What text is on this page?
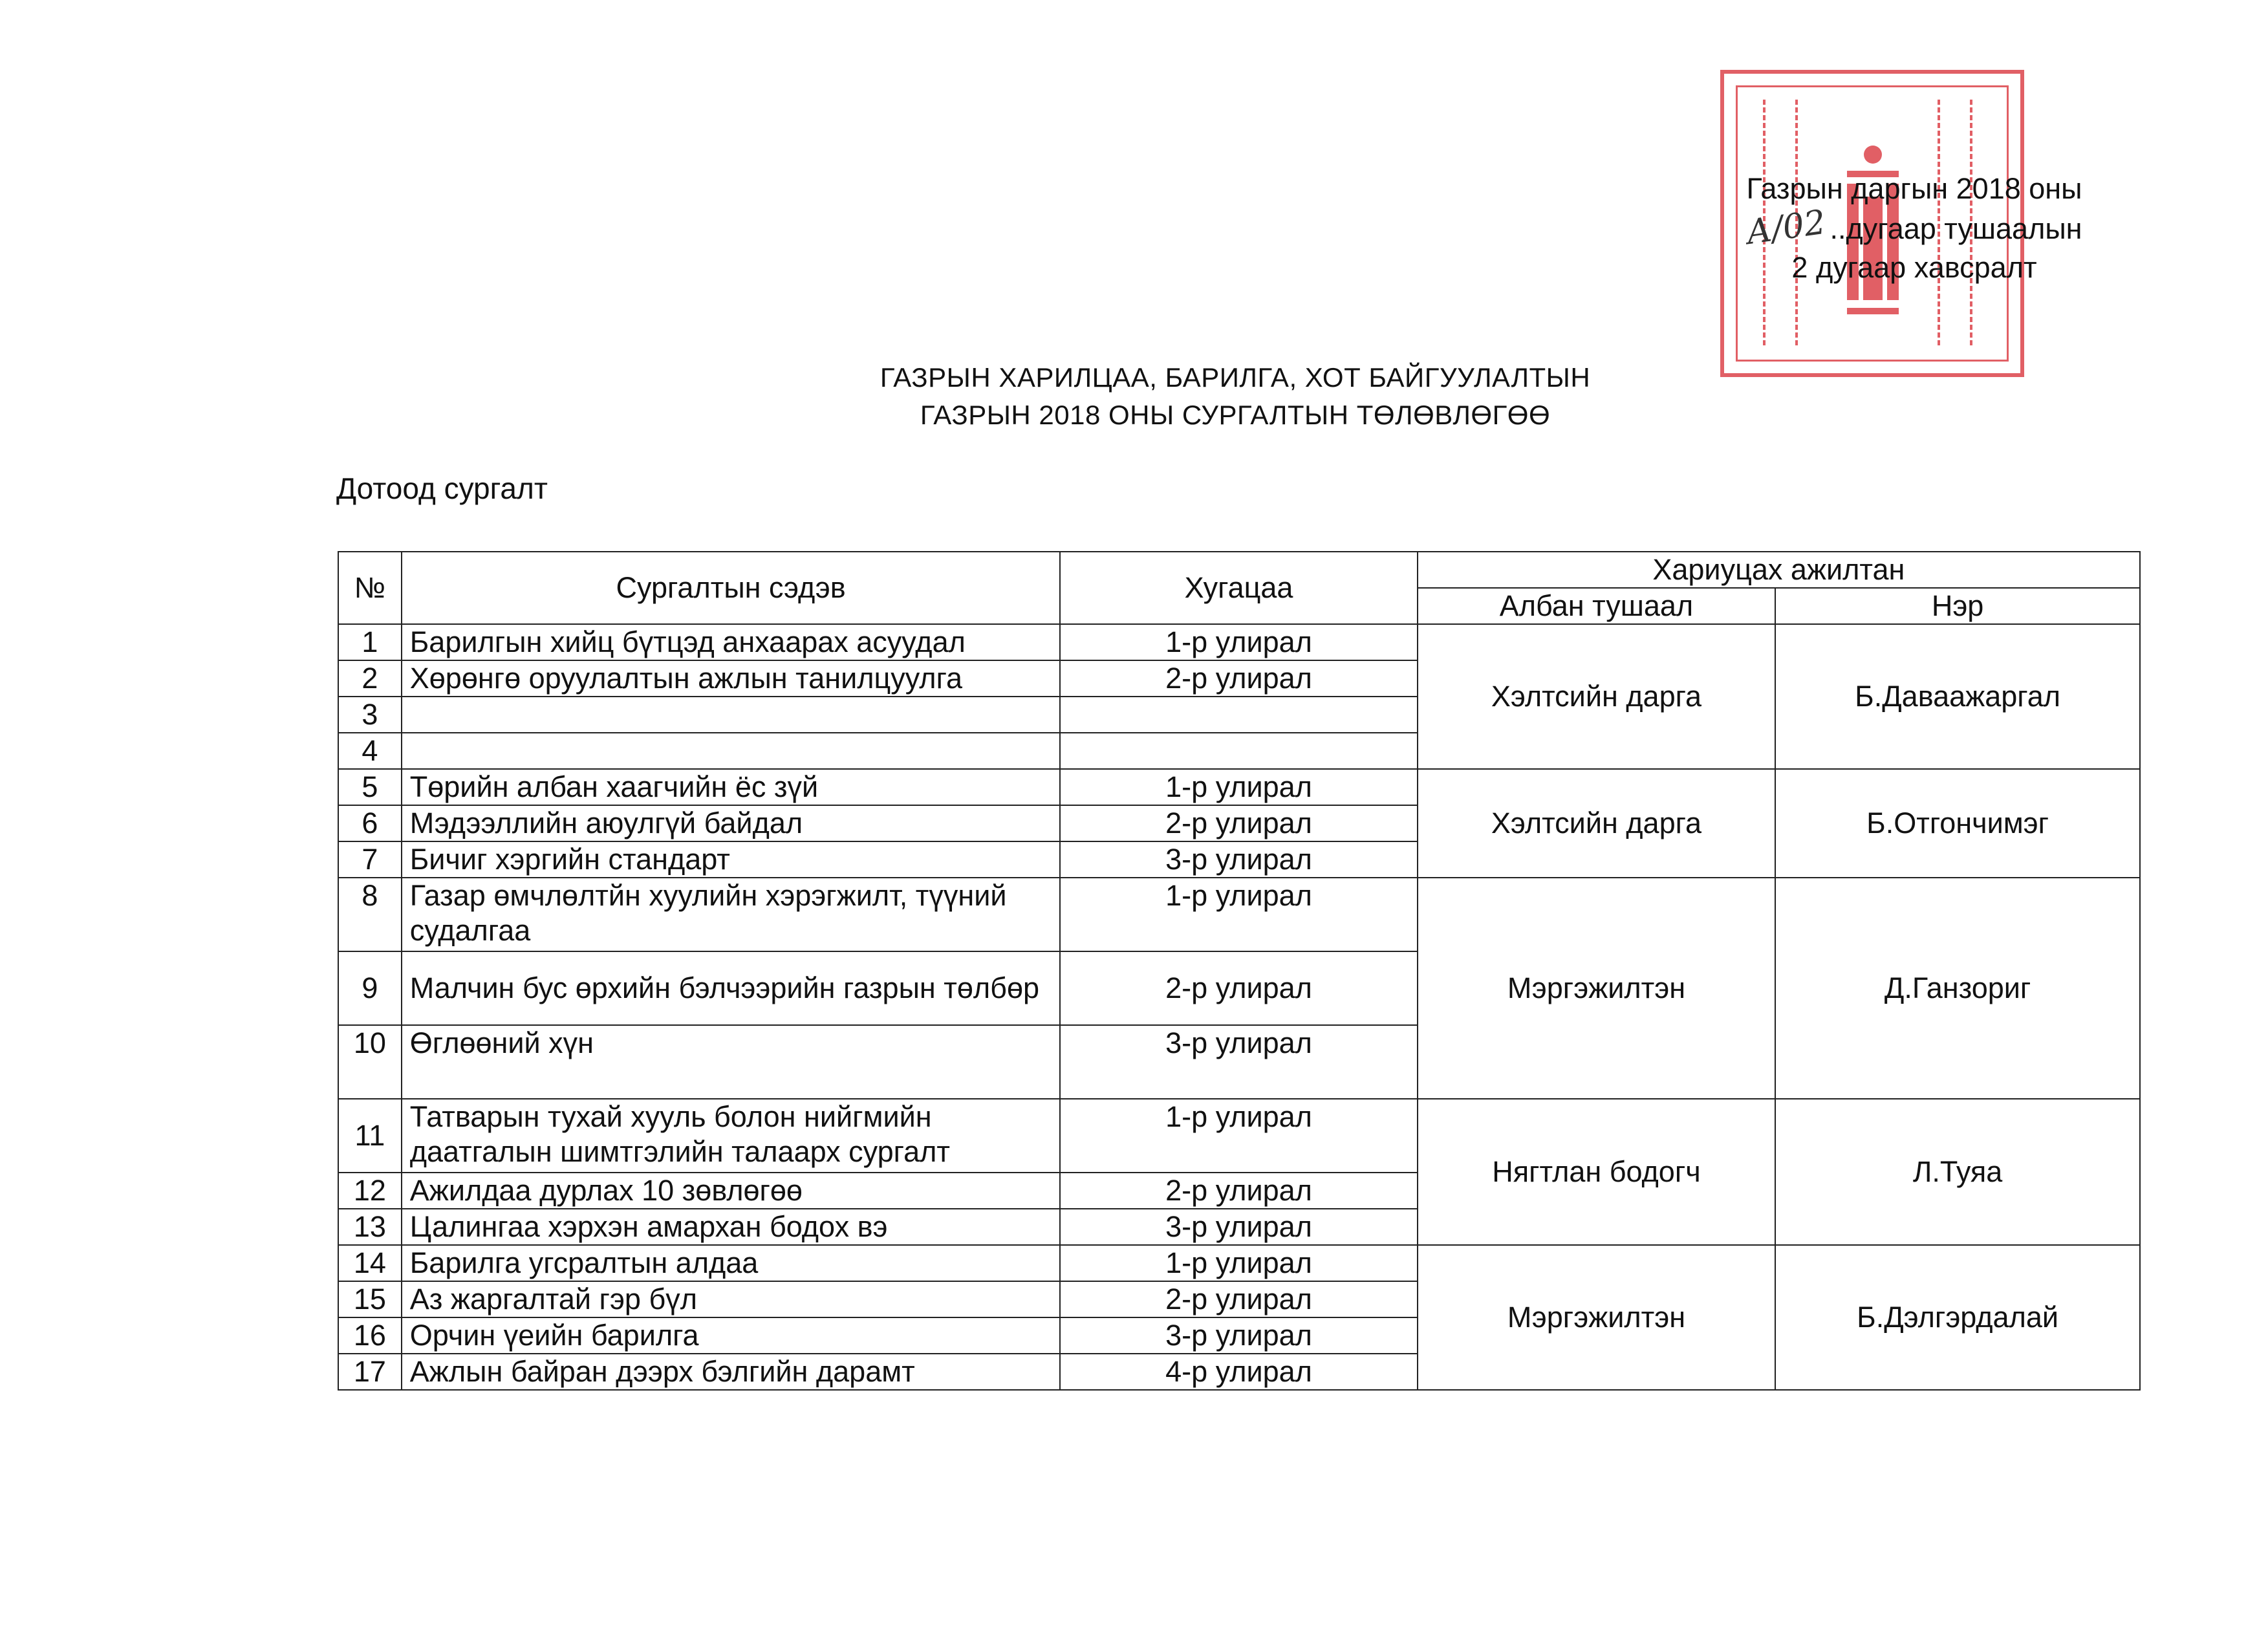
Газрын даргын 2018 оны
А/02..дугаар тушаалын
2 дугаар хавсралт
ГАЗРЫН ХАРИЛЦАА, БАРИЛГА, ХОТ БАЙГУУЛАЛТЫН
ГАЗРЫН 2018 ОНЫ СУРГАЛТЫН ТӨЛӨВЛӨГӨӨ
Дотоод сургалт
№	Сургалтын сэдэв	Хугацаа	Хариуцах ажилтан	
			Албан тушаал	Нэр
1	Барилгын хийц бүтцэд анхаарах асуудал	1-р улирал	Хэлтсийн дарга	Б.Даваажаргал
2	Хөрөнгө оруулалтын ажлын танилцуулга	2-р улирал		
3				
4				
5	Төрийн албан хаагчийн ёс зүй	1-р улирал	Хэлтсийн дарга	Б.Отгончимэг
6	Мэдээллийн аюулгүй байдал	2-р улирал		
7	Бичиг хэргийн стандарт	3-р улирал		
8	Газар өмчлөлтйн хуулийн хэрэгжилт, түүний судалгаа	1-р улирал	Мэргэжилтэн	Д.Ганзориг
9	Малчин бус өрхийн бэлчээрийн газрын төлбөр	2-р улирал		
10	Өглөөний хүн	3-р улирал		
11	Татварын тухай хууль болон нийгмийн даатгалын шимтгэлийн талаарх сургалт	1-р улирал	Нягтлан бодогч	Л.Туяа
12	Ажилдаа дурлах 10 зөвлөгөө	2-р улирал		
13	Цалингаа хэрхэн амархан бодох вэ	3-р улирал		
14	Барилга угсралтын алдаа	1-р улирал	Мэргэжилтэн	Б.Дэлгэрдалай
15	Аз жаргалтай гэр бүл	2-р улирал		
16	Орчин үеийн барилга	3-р улирал		
17	Ажлын байран дээрх бэлгийн дарамт	4-р улирал		
